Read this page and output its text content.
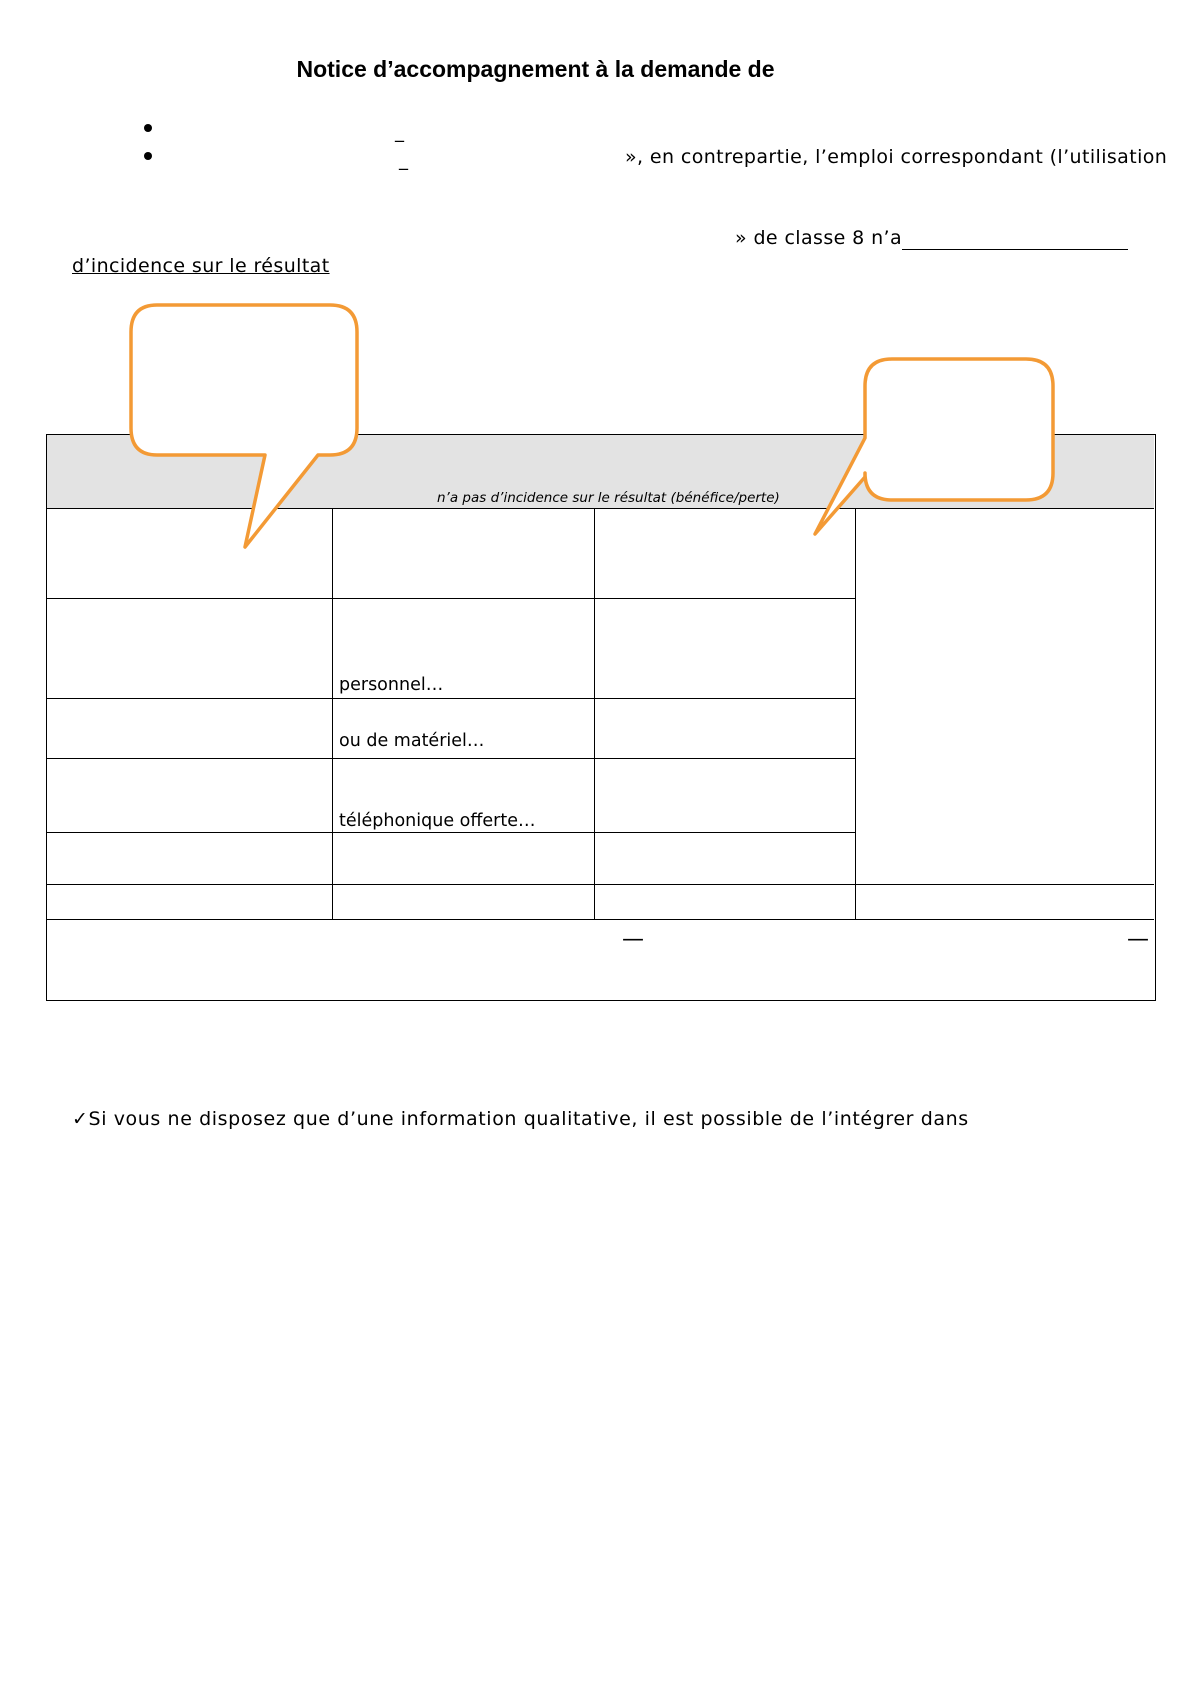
Notice d’accompagnement à la demande de
_
_	», en contrepartie, l’emploi correspondant (l’utilisation
» de classe 8 n’a
d’incidence sur le résultat
n’a pas d’incidence sur le résultat (bénéfice/perte)
personnel…
ou de matériel…
téléphonique offerte…
—	—
✓Si vous ne disposez que d’une information qualitative, il est possible de l’intégrer dans
